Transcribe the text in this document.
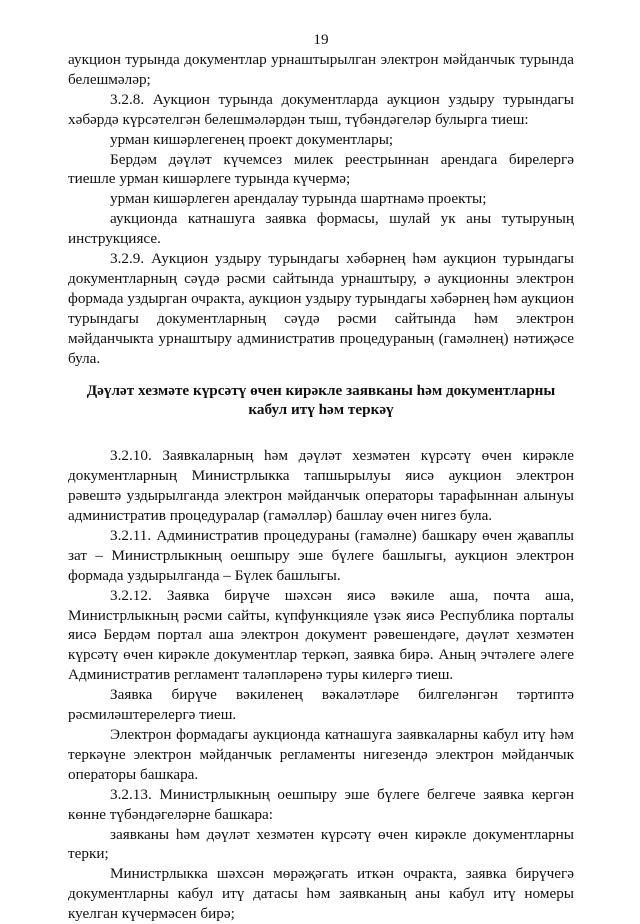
19

аукцион турында документлар урнаштырылган электрон мәйданчык турында белешмәләр;

3.2.8. Аукцион турында документларда аукцион уздыру турындагы хәбәрдә күрсәтелгән белешмәләрдән тыш, түбәндәгеләр булырга тиеш:

урман кишәрлегенең проект документлары;

Бердәм дәүләт күчемсез милек реестрыннан арендага бирелергә тиешле урман кишәрлеге турында күчермә;

урман кишәрлеген арендалау турында шартнамә проекты;

аукционда катнашуга заявка формасы, шулай ук аны тутыруның инструкциясе.

3.2.9. Аукцион уздыру турындагы хәбәрнең һәм аукцион турындагы документларның сәүдә рәсми сайтында урнаштыру, ә аукционны электрон формада уздырган очракта, аукцион уздыру турындагы хәбәрнең һәм аукцион турындагы документларның сәүдә рәсми сайтында һәм электрон мәйданчыкта урнаштыру административ процедураның (гамәлнең) нәтиҗәсе була.

Дәүләт хезмәте күрсәтү өчен кирәкле заявканы һәм документларны
кабул итү һәм теркәү

3.2.10. Заявкаларның һәм дәүләт хезмәтен күрсәтү өчен кирәкле документларның Министрлыкка тапшырылуы яисә аукцион электрон рәвештә уздырылганда электрон мәйданчык операторы тарафыннан алынуы административ процедуралар (гамәлләр) башлау өчен нигез була.

3.2.11. Административ процедураны (гамәлне) башкару өчен җаваплы зат – Министрлыкның оешпыру эше бүлеге башлыгы, аукцион электрон формада уздырылганда – Бүлек башлыгы.

3.2.12. Заявка бирүче шәхсән яисә вәкиле аша, почта аша, Министрлыкның рәсми сайты, күпфункцияле үзәк яисә Республика порталы яисә Бердәм портал аша электрон документ рәвешендәге, дәүләт хезмәтен күрсәтү өчен кирәкле документлар теркәп, заявка бирә. Аның эчтәлеге әлеге Административ регламент таләпләренә туры килергә тиеш.

Заявка бирүче вәкиленең вәкаләтләре билгеләнгән тәртиптә рәсмиләштерелергә тиеш.

Электрон формадагы аукционда катнашуга заявкаларны кабул итү һәм теркәүне электрон мәйданчык регламенты нигезендә электрон мәйданчык операторы башкара.

3.2.13. Министрлыкның оешпыру эше бүлеге белгече заявка кергән көнне түбәндәгеләрне башкара:

заявканы һәм дәүләт хезмәтен күрсәтү өчен кирәкле документларны терки;

Министрлыкка шәхсән мөрәҗәгать иткән очракта, заявка бирүчегә документларны кабул итү датасы һәм заявканың аны кабул итү номеры куелган күчермәсен бирә;
